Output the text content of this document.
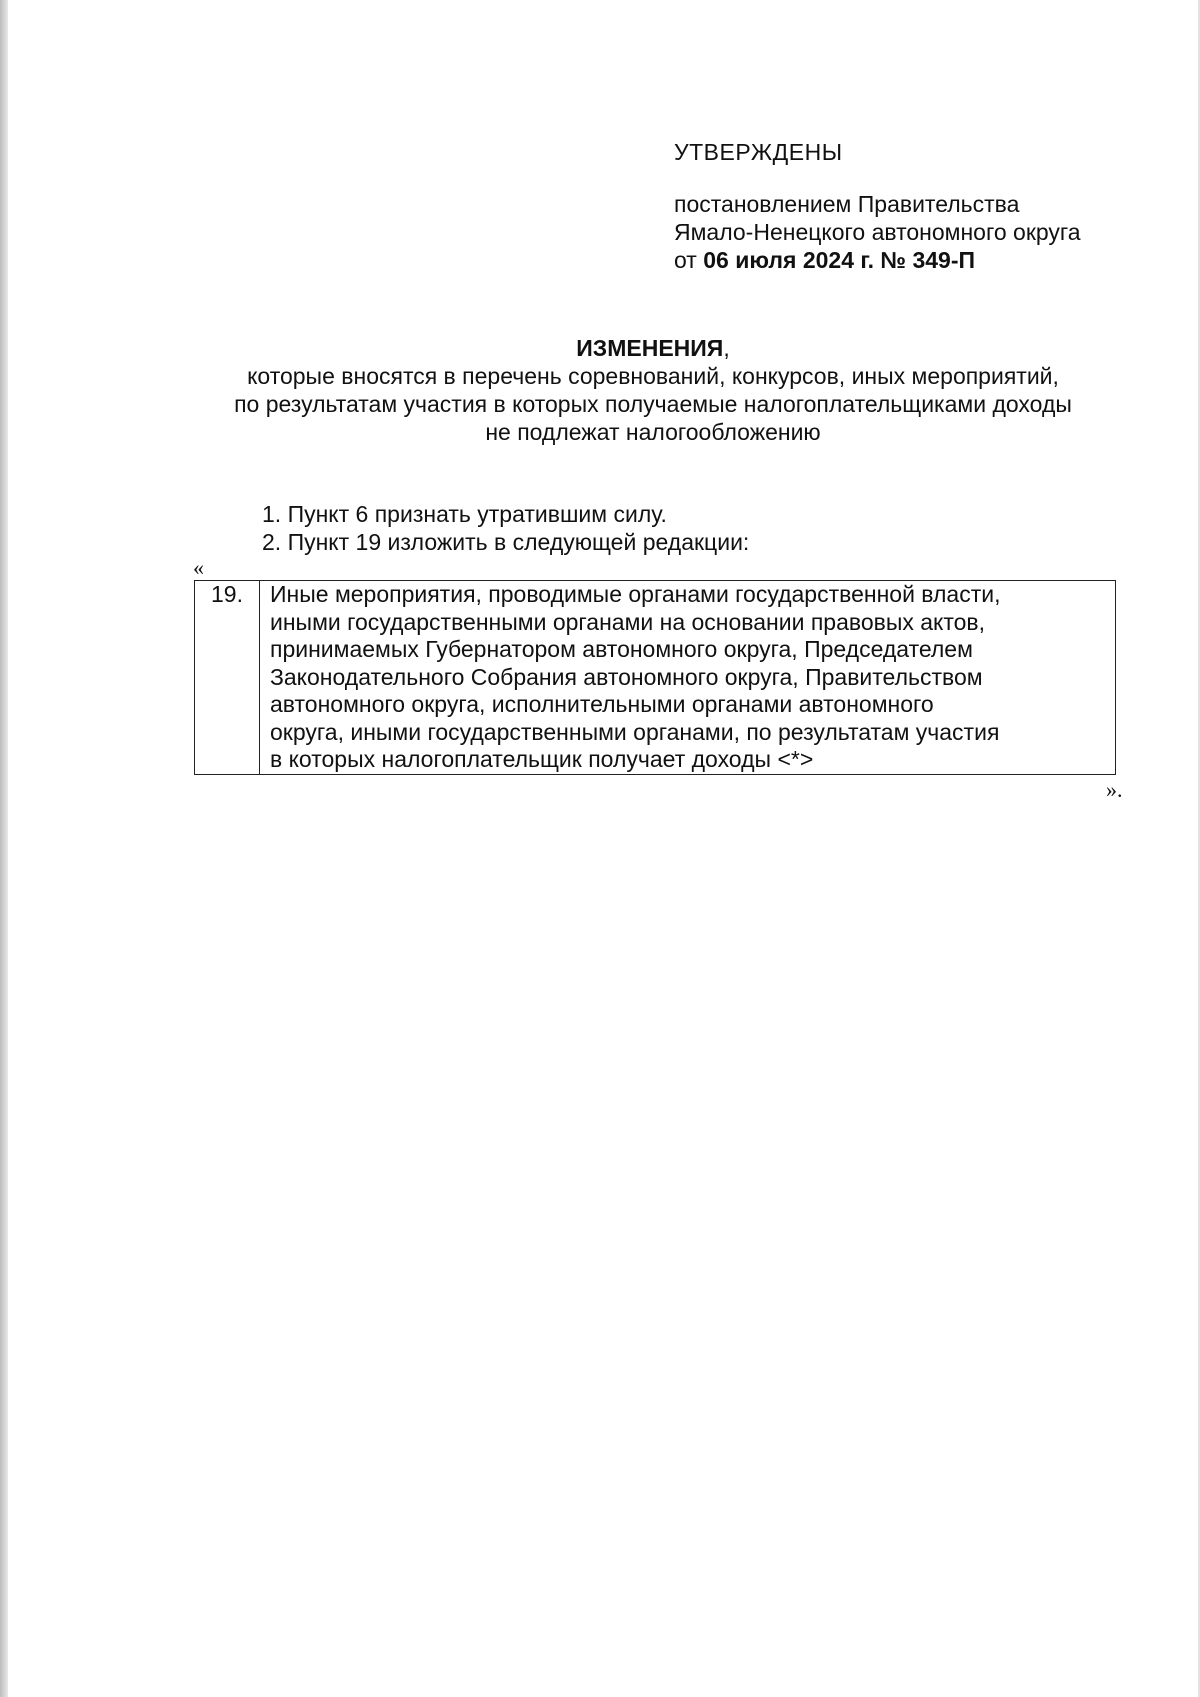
УТВЕРЖДЕНЫ
постановлением Правительства
Ямало-Ненецкого автономного округа
от 06 июля 2024 г. № 349-П
ИЗМЕНЕНИЯ,
которые вносятся в перечень соревнований, конкурсов, иных мероприятий,
по результатам участия в которых получаемые налогоплательщиками доходы
не подлежат налогообложению
1. Пункт 6 признать утратившим силу.
2. Пункт 19 изложить в следующей редакции:
«
19.	Иные мероприятия, проводимые органами государственной власти,
иными государственными органами на основании правовых актов,
принимаемых Губернатором автономного округа, Председателем
Законодательного Собрания автономного округа, Правительством
автономного округа, исполнительными органами автономного
округа, иными государственными органами, по результатам участия
в которых налогоплательщик получает доходы <*>
».
